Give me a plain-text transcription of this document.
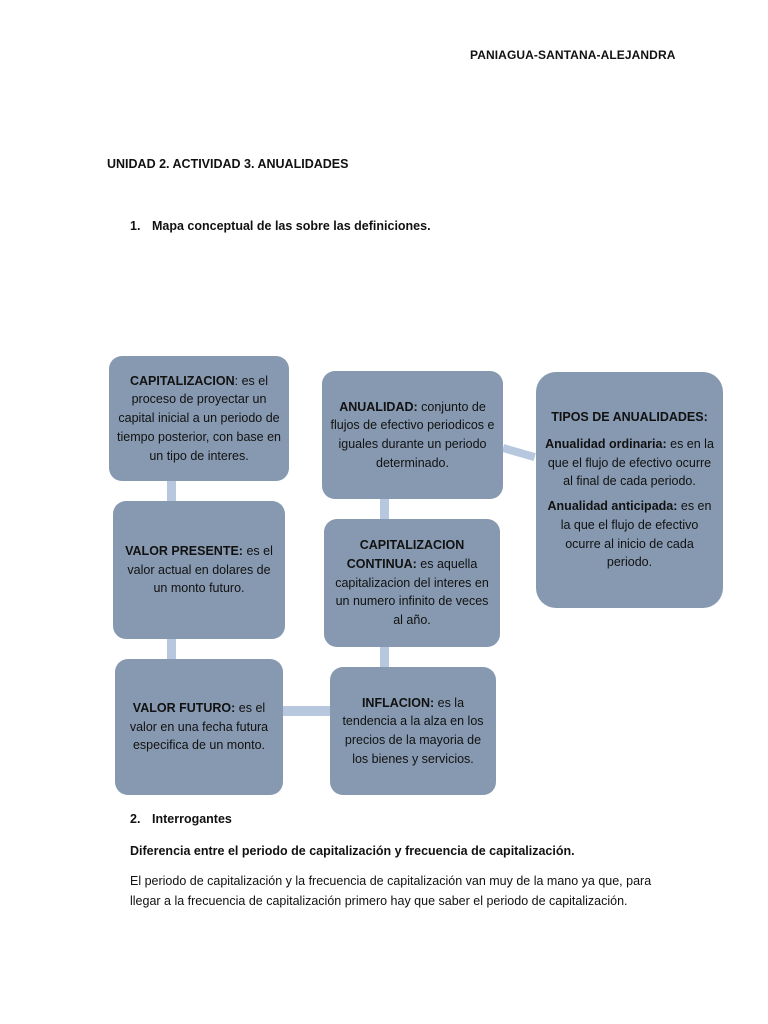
PANIAGUA-SANTANA-ALEJANDRA
UNIDAD 2. ACTIVIDAD 3. ANUALIDADES
1. Mapa conceptual de las sobre las definiciones.

CAPITALIZACION: es el proceso de proyectar un capital inicial a un periodo de tiempo posterior, con base en un tipo de interes.

VALOR PRESENTE: es el valor actual en dolares de un monto futuro.

VALOR FUTURO: es el valor en una fecha futura especifica de un monto.

ANUALIDAD: conjunto de flujos de efectivo periodicos e iguales durante un periodo determinado.

CAPITALIZACION CONTINUA: es aquella capitalizacion del interes en un numero infinito de veces al año.

INFLACION: es la tendencia a la alza en los precios de la mayoria de los bienes y servicios.

TIPOS DE ANUALIDADES:

Anualidad ordinaria: es en la que el flujo de efectivo ocurre al final de cada periodo.

Anualidad anticipada: es en la que el flujo de efectivo ocurre al inicio de cada periodo.

2. Interrogantes
Diferencia entre el periodo de capitalización y frecuencia de capitalización.
El periodo de capitalización y la frecuencia de capitalización van muy de la mano ya que, para llegar a la frecuencia de capitalización primero hay que saber el periodo de capitalización.
